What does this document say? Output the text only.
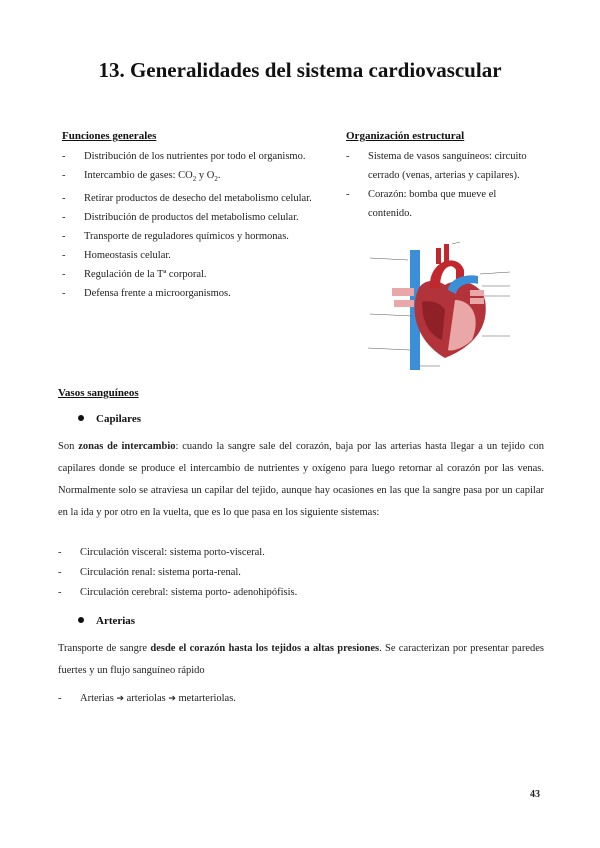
13. Generalidades del sistema cardiovascular
Funciones generales
- Distribución de los nutrientes por todo el organismo.
- Intercambio de gases: $CO_2$ y $O_2$.
- Retirar productos de desecho del metabolismo celular.
- Distribución de productos del metabolismo celular.
- Transporte de reguladores químicos y hormonas.
- Homeostasis celular.
- Regulación de la Tª corporal.
- Defensa frente a microorganismos.
Organización estructural
- Sistema de vasos sanguíneos: circuito cerrado (venas, arterias y capilares).
- Corazón: bomba que mueve el contenido.
Vasos sanguíneos
Capilares
Son zonas de intercambio: cuando la sangre sale del corazón, baja por las arterias hasta llegar a un tejido con capilares donde se produce el intercambio de nutrientes y oxígeno para luego retornar al corazón por las venas. Normalmente solo se atraviesa un capilar del tejido, aunque hay ocasiones en las que la sangre pasa por un capilar en la ida y por otro en la vuelta, que es lo que pasa en los siguiente sistemas:
- Circulación visceral: sistema porto-visceral.
- Circulación renal: sistema porta-renal.
- Circulación cerebral: sistema porto- adenohipófisis.
Arterias
Transporte de sangre desde el corazón hasta los tejidos a altas presiones. Se caracterizan por presentar paredes fuertes y un flujo sanguíneo rápido
- Arterias ➔ arteriolas ➔ metarteriolas.
43
